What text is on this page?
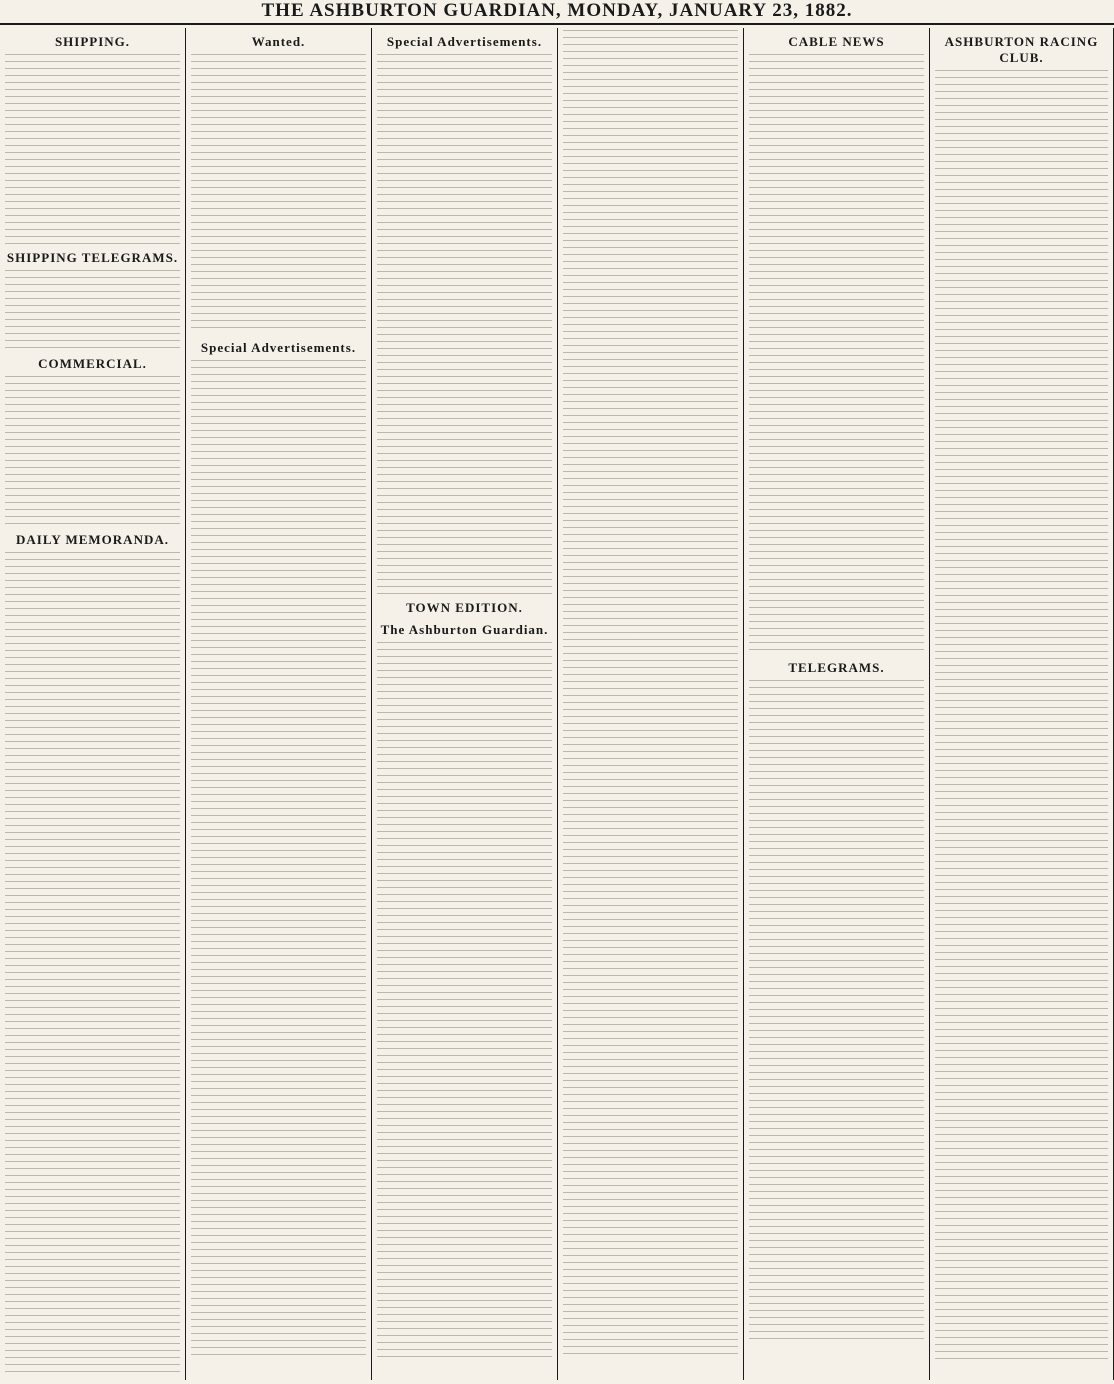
THE ASHBURTON GUARDIAN, MONDAY, JANUARY 23, 1882.
SHIPPING.
SHIPPING TELEGRAMS.
COMMERCIAL.
DAILY MEMORANDA.
Wanted.
Special Advertisements.
Special Advertisements.
TOWN EDITION.
The Ashburton Guardian.
CABLE NEWS
TELEGRAMS.
ASHBURTON RACING CLUB.
